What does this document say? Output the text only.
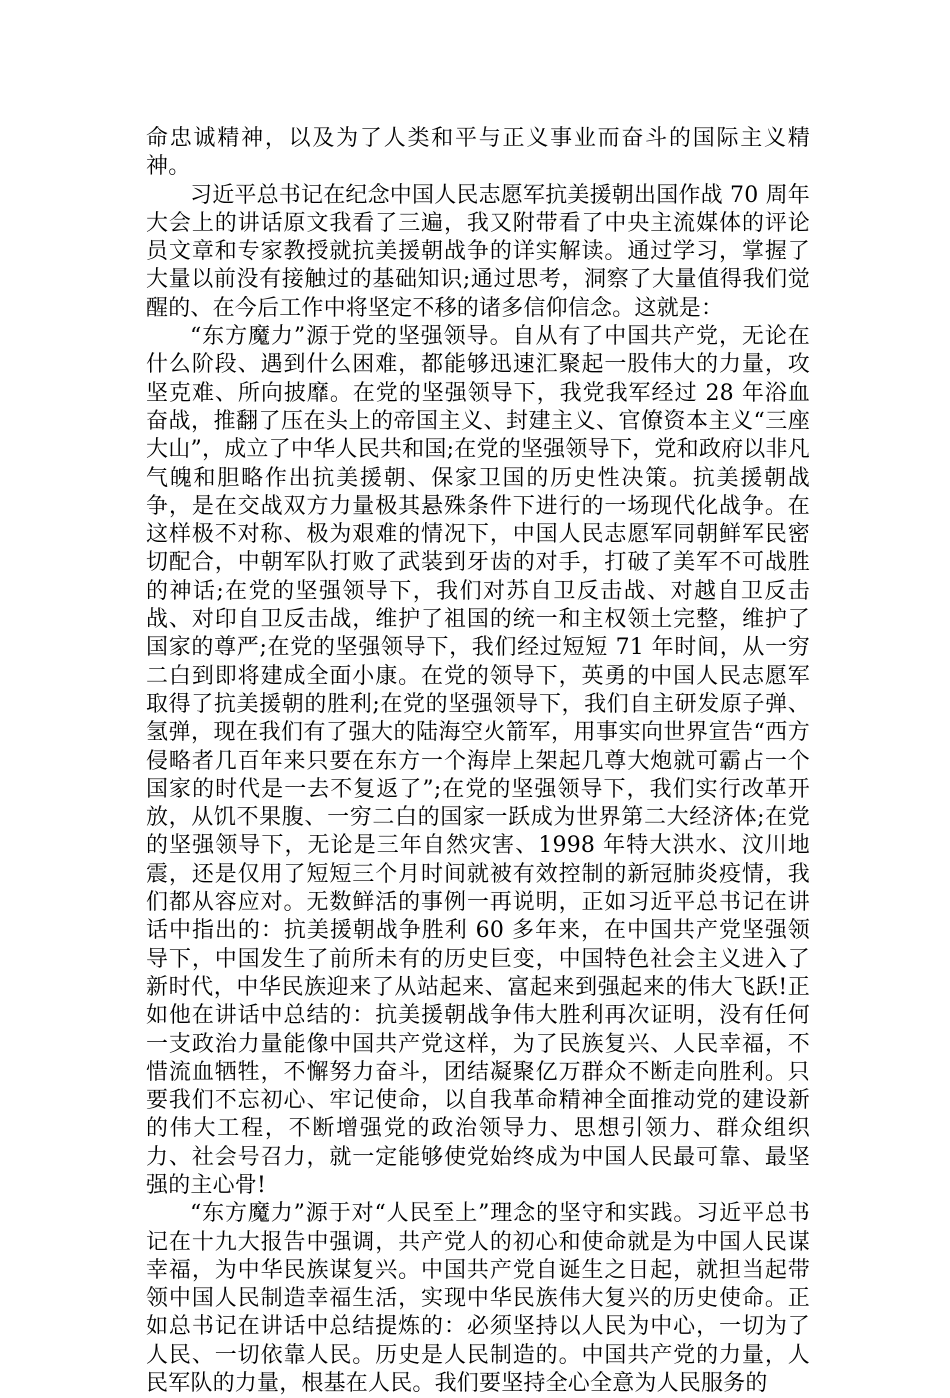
命忠诚精神，以及为了人类和平与正义事业而奋斗的国际主义精神。

习近平总书记在纪念中国人民志愿军抗美援朝出国作战 70 周年大会上的讲话原文我看了三遍，我又附带看了中央主流媒体的评论员文章和专家教授就抗美援朝战争的详实解读。通过学习，掌握了大量以前没有接触过的基础知识;通过思考，洞察了大量值得我们觉醒的、在今后工作中将坚定不移的诸多信仰信念。这就是：

“东方魔力”源于党的坚强领导。自从有了中国共产党，无论在什么阶段、遇到什么困难，都能够迅速汇聚起一股伟大的力量，攻坚克难、所向披靡。在党的坚强领导下，我党我军经过 28 年浴血奋战，推翻了压在头上的帝国主义、封建主义、官僚资本主义“三座大山”，成立了中华人民共和国;在党的坚强领导下，党和政府以非凡气魄和胆略作出抗美援朝、保家卫国的历史性决策。抗美援朝战争，是在交战双方力量极其悬殊条件下进行的一场现代化战争。在这样极不对称、极为艰难的情况下，中国人民志愿军同朝鲜军民密切配合，中朝军队打败了武装到牙齿的对手，打破了美军不可战胜的神话;在党的坚强领导下，我们对苏自卫反击战、对越自卫反击战、对印自卫反击战，维护了祖国的统一和主权领土完整，维护了国家的尊严;在党的坚强领导下，我们经过短短 71 年时间，从一穷二白到即将建成全面小康。在党的领导下，英勇的中国人民志愿军取得了抗美援朝的胜利;在党的坚强领导下，我们自主研发原子弹、氢弹，现在我们有了强大的陆海空火箭军，用事实向世界宣告“西方侵略者几百年来只要在东方一个海岸上架起几尊大炮就可霸占一个国家的时代是一去不复返了”;在党的坚强领导下，我们实行改革开放，从饥不果腹、一穷二白的国家一跃成为世界第二大经济体;在党的坚强领导下，无论是三年自然灾害、1998 年特大洪水、汶川地震，还是仅用了短短三个月时间就被有效控制的新冠肺炎疫情，我们都从容应对。无数鲜活的事例一再说明，正如习近平总书记在讲话中指出的：抗美援朝战争胜利 60 多年来，在中国共产党坚强领导下，中国发生了前所未有的历史巨变，中国特色社会主义进入了新时代，中华民族迎来了从站起来、富起来到强起来的伟大飞跃!正如他在讲话中总结的：抗美援朝战争伟大胜利再次证明，没有任何一支政治力量能像中国共产党这样，为了民族复兴、人民幸福，不惜流血牺牲，不懈努力奋斗，团结凝聚亿万群众不断走向胜利。只要我们不忘初心、牢记使命，以自我革命精神全面推动党的建设新的伟大工程，不断增强党的政治领导力、思想引领力、群众组织力、社会号召力，就一定能够使党始终成为中国人民最可靠、最坚强的主心骨!

“东方魔力”源于对“人民至上”理念的坚守和实践。习近平总书记在十九大报告中强调，共产党人的初心和使命就是为中国人民谋幸福，为中华民族谋复兴。中国共产党自诞生之日起，就担当起带领中国人民制造幸福生活，实现中华民族伟大复兴的历史使命。正如总书记在讲话中总结提炼的：必须坚持以人民为中心，一切为了人民、一切依靠人民。历史是人民制造的。中国共产党的力量，人民军队的力量，根基在人民。我们要坚持全心全意为人民服务的
